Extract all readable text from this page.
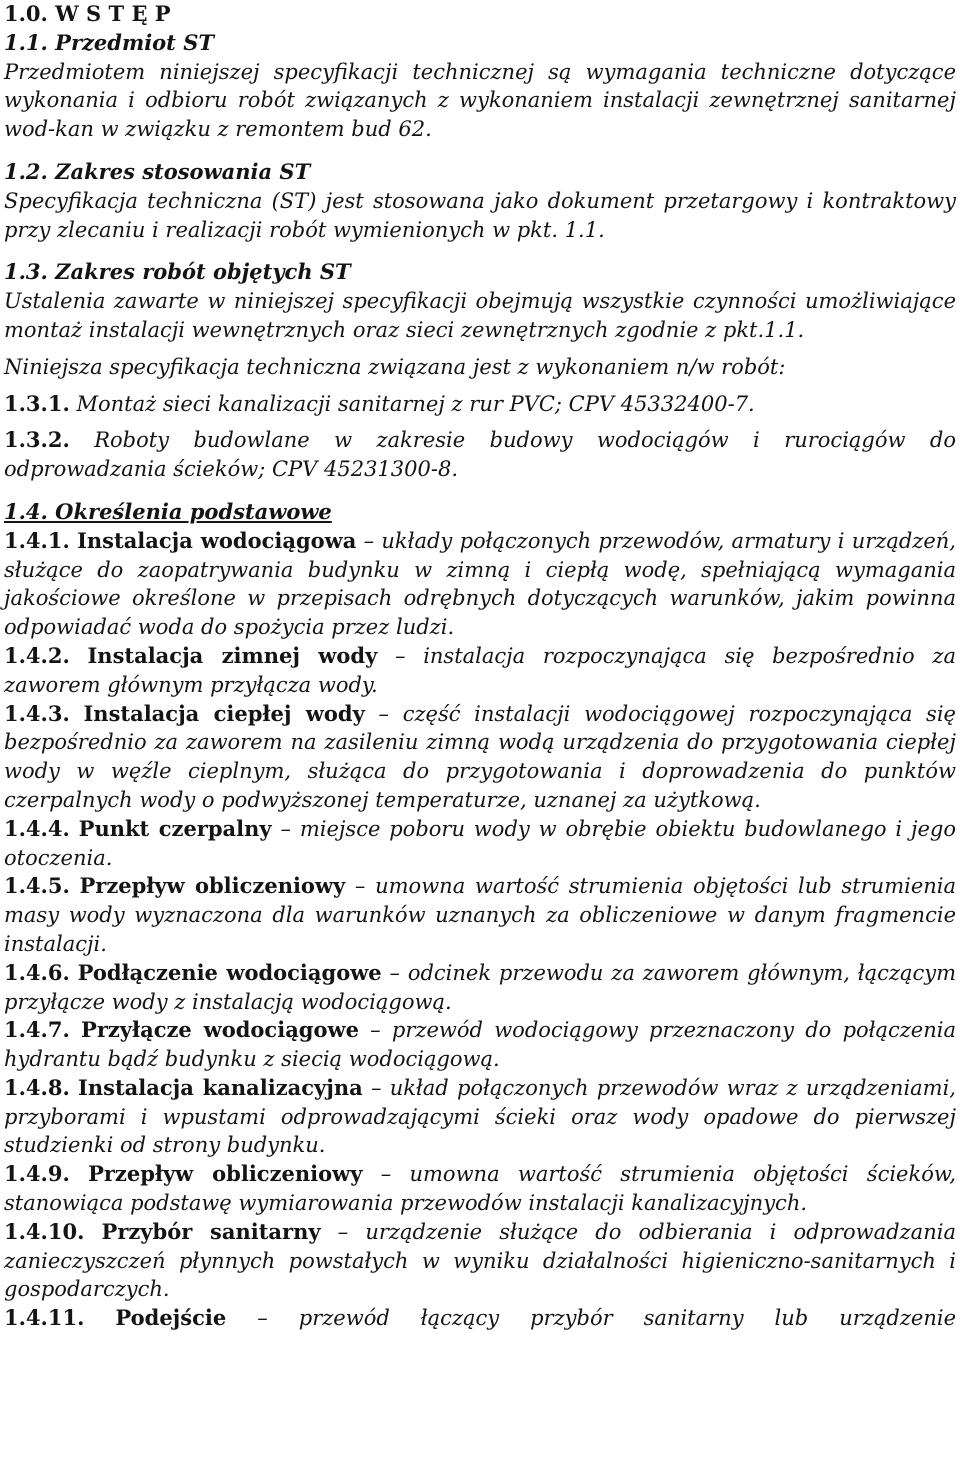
1.0. W S T Ę P

1.1. Przedmiot ST

Przedmiotem niniejszej specyfikacji technicznej są wymagania techniczne dotyczące wykonania i odbioru robót związanych z wykonaniem instalacji zewnętrznej sanitarnej wod-kan w związku z remontem bud 62.

1.2. Zakres stosowania ST

Specyfikacja techniczna (ST) jest stosowana jako dokument przetargowy i kontraktowy przy zlecaniu i realizacji robót wymienionych w pkt. 1.1.

1.3. Zakres robót objętych ST

Ustalenia zawarte w niniejszej specyfikacji obejmują wszystkie czynności umożliwiające montaż instalacji wewnętrznych oraz sieci zewnętrznych zgodnie z pkt.1.1.

Niniejsza specyfikacja techniczna związana jest z wykonaniem n/w robót:

1.3.1. Montaż sieci kanalizacji sanitarnej z rur PVC; CPV 45332400-7.

1.3.2. Roboty budowlane w zakresie budowy wodociągów i rurociągów do odprowadzania ścieków; CPV 45231300-8.

1.4. Określenia podstawowe

1.4.1. Instalacja wodociągowa – układy połączonych przewodów, armatury i urządzeń, służące do zaopatrywania budynku w zimną i ciepłą wodę, spełniającą wymagania jakościowe określone w przepisach odrębnych dotyczących warunków, jakim powinna odpowiadać woda do spożycia przez ludzi.

1.4.2. Instalacja zimnej wody – instalacja rozpoczynająca się bezpośrednio za zaworem głównym przyłącza wody.

1.4.3. Instalacja ciepłej wody – część instalacji wodociągowej rozpoczynająca się bezpośrednio za zaworem na zasileniu zimną wodą urządzenia do przygotowania ciepłej wody w węźle cieplnym, służąca do przygotowania i doprowadzenia do punktów czerpalnych wody o podwyższonej temperaturze, uznanej za użytkową.

1.4.4. Punkt czerpalny – miejsce poboru wody w obrębie obiektu budowlanego i jego otoczenia.

1.4.5. Przepływ obliczeniowy – umowna wartość strumienia objętości lub strumienia masy wody wyznaczona dla warunków uznanych za obliczeniowe w danym fragmencie instalacji.

1.4.6. Podłączenie wodociągowe – odcinek przewodu za zaworem głównym, łączącym przyłącze wody z instalacją wodociągową.

1.4.7. Przyłącze wodociągowe – przewód wodociągowy przeznaczony do połączenia hydrantu bądź budynku z siecią wodociągową.

1.4.8. Instalacja kanalizacyjna – układ połączonych przewodów wraz z urządzeniami, przyborami i wpustami odprowadzającymi ścieki oraz wody opadowe do pierwszej studzienki od strony budynku.

1.4.9. Przepływ obliczeniowy – umowna wartość strumienia objętości ścieków, stanowiąca podstawę wymiarowania przewodów instalacji kanalizacyjnych.

1.4.10. Przybór sanitarny – urządzenie służące do odbierania i odprowadzania zanieczyszczeń płynnych powstałych w wyniku działalności higieniczno-sanitarnych i gospodarczych.

1.4.11. Podejście – przewód łączący przybór sanitarny lub urządzenie
